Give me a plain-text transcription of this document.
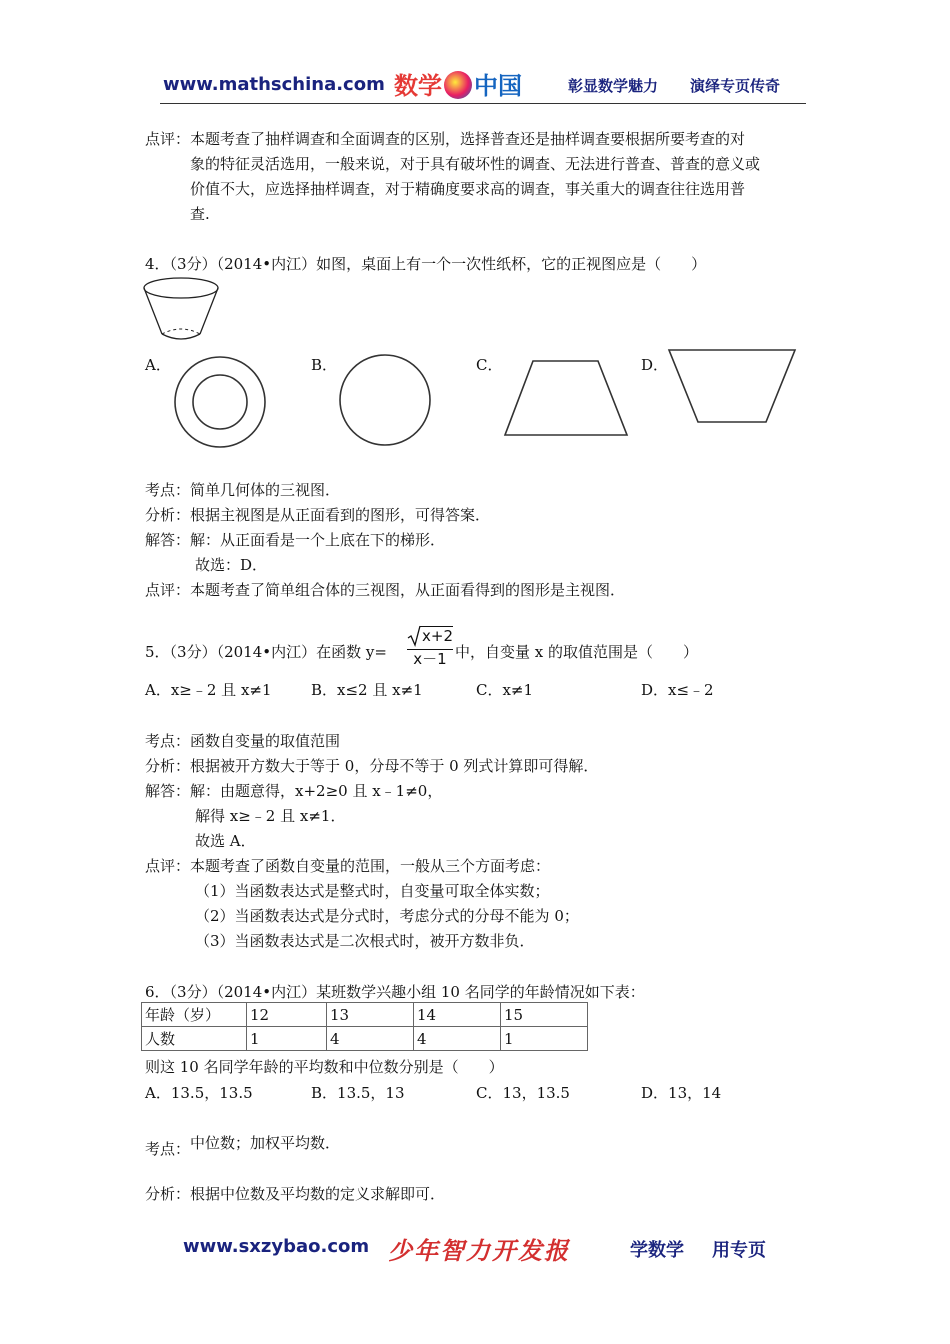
www.mathschina.com 数学 中国	彰显数学魅力 演绎专页传奇
点评： 本题考查了抽样调查和全面调查的区别，选择普查还是抽样调查要根据所要考查的对
象的特征灵活选用，一般来说，对于具有破坏性的调查、无法进行普查、普查的意义或
价值不大，应选择抽样调查，对于精确度要求高的调查，事关重大的调查往往选用普
查.
4．（3分）（2014•内江）如图，桌面上有一个一次性纸杯，它的正视图应是（　　）
A．	B．	C．	D．
考点： 简单几何体的三视图．
分析： 根据主视图是从正面看到的图形，可得答案．
解答： 解：从正面看是一个上底在下的梯形．
故选：D．
点评： 本题考查了简单组合体的三视图，从正面看得到的图形是主视图．
5．（3分）（2014•内江）在函数 y=
x+2
x－1 中，自变量 x 的取值范围是（　　）
A．x≥﹣2 且 x≠1	B．x≤2 且 x≠1	C．x≠1	D．x≤﹣2
考点： 函数自变量的取值范围
分析： 根据被开方数大于等于 0，分母不等于 0 列式计算即可得解．
解答： 解：由题意得，x+2≥0 且 x﹣1≠0，
解得 x≥﹣2 且 x≠1．
故选 A．
点评： 本题考查了函数自变量的范围，一般从三个方面考虑：
（1）当函数表达式是整式时，自变量可取全体实数；
（2）当函数表达式是分式时，考虑分式的分母不能为 0；
（3）当函数表达式是二次根式时，被开方数非负．
6．（3分）（2014•内江）某班数学兴趣小组 10 名同学的年龄情况如下表：
年龄（岁）	12	13	14	15
人数	1	4	4	1
则这 10 名同学年龄的平均数和中位数分别是（　　）
A．13.5，13.5	B．13.5，13	C．13，13.5	D．13，14
考点： 中位数；加权平均数．
分析： 根据中位数及平均数的定义求解即可．
www.sxzybao.com 少年智力开发报	学数学 用专页
